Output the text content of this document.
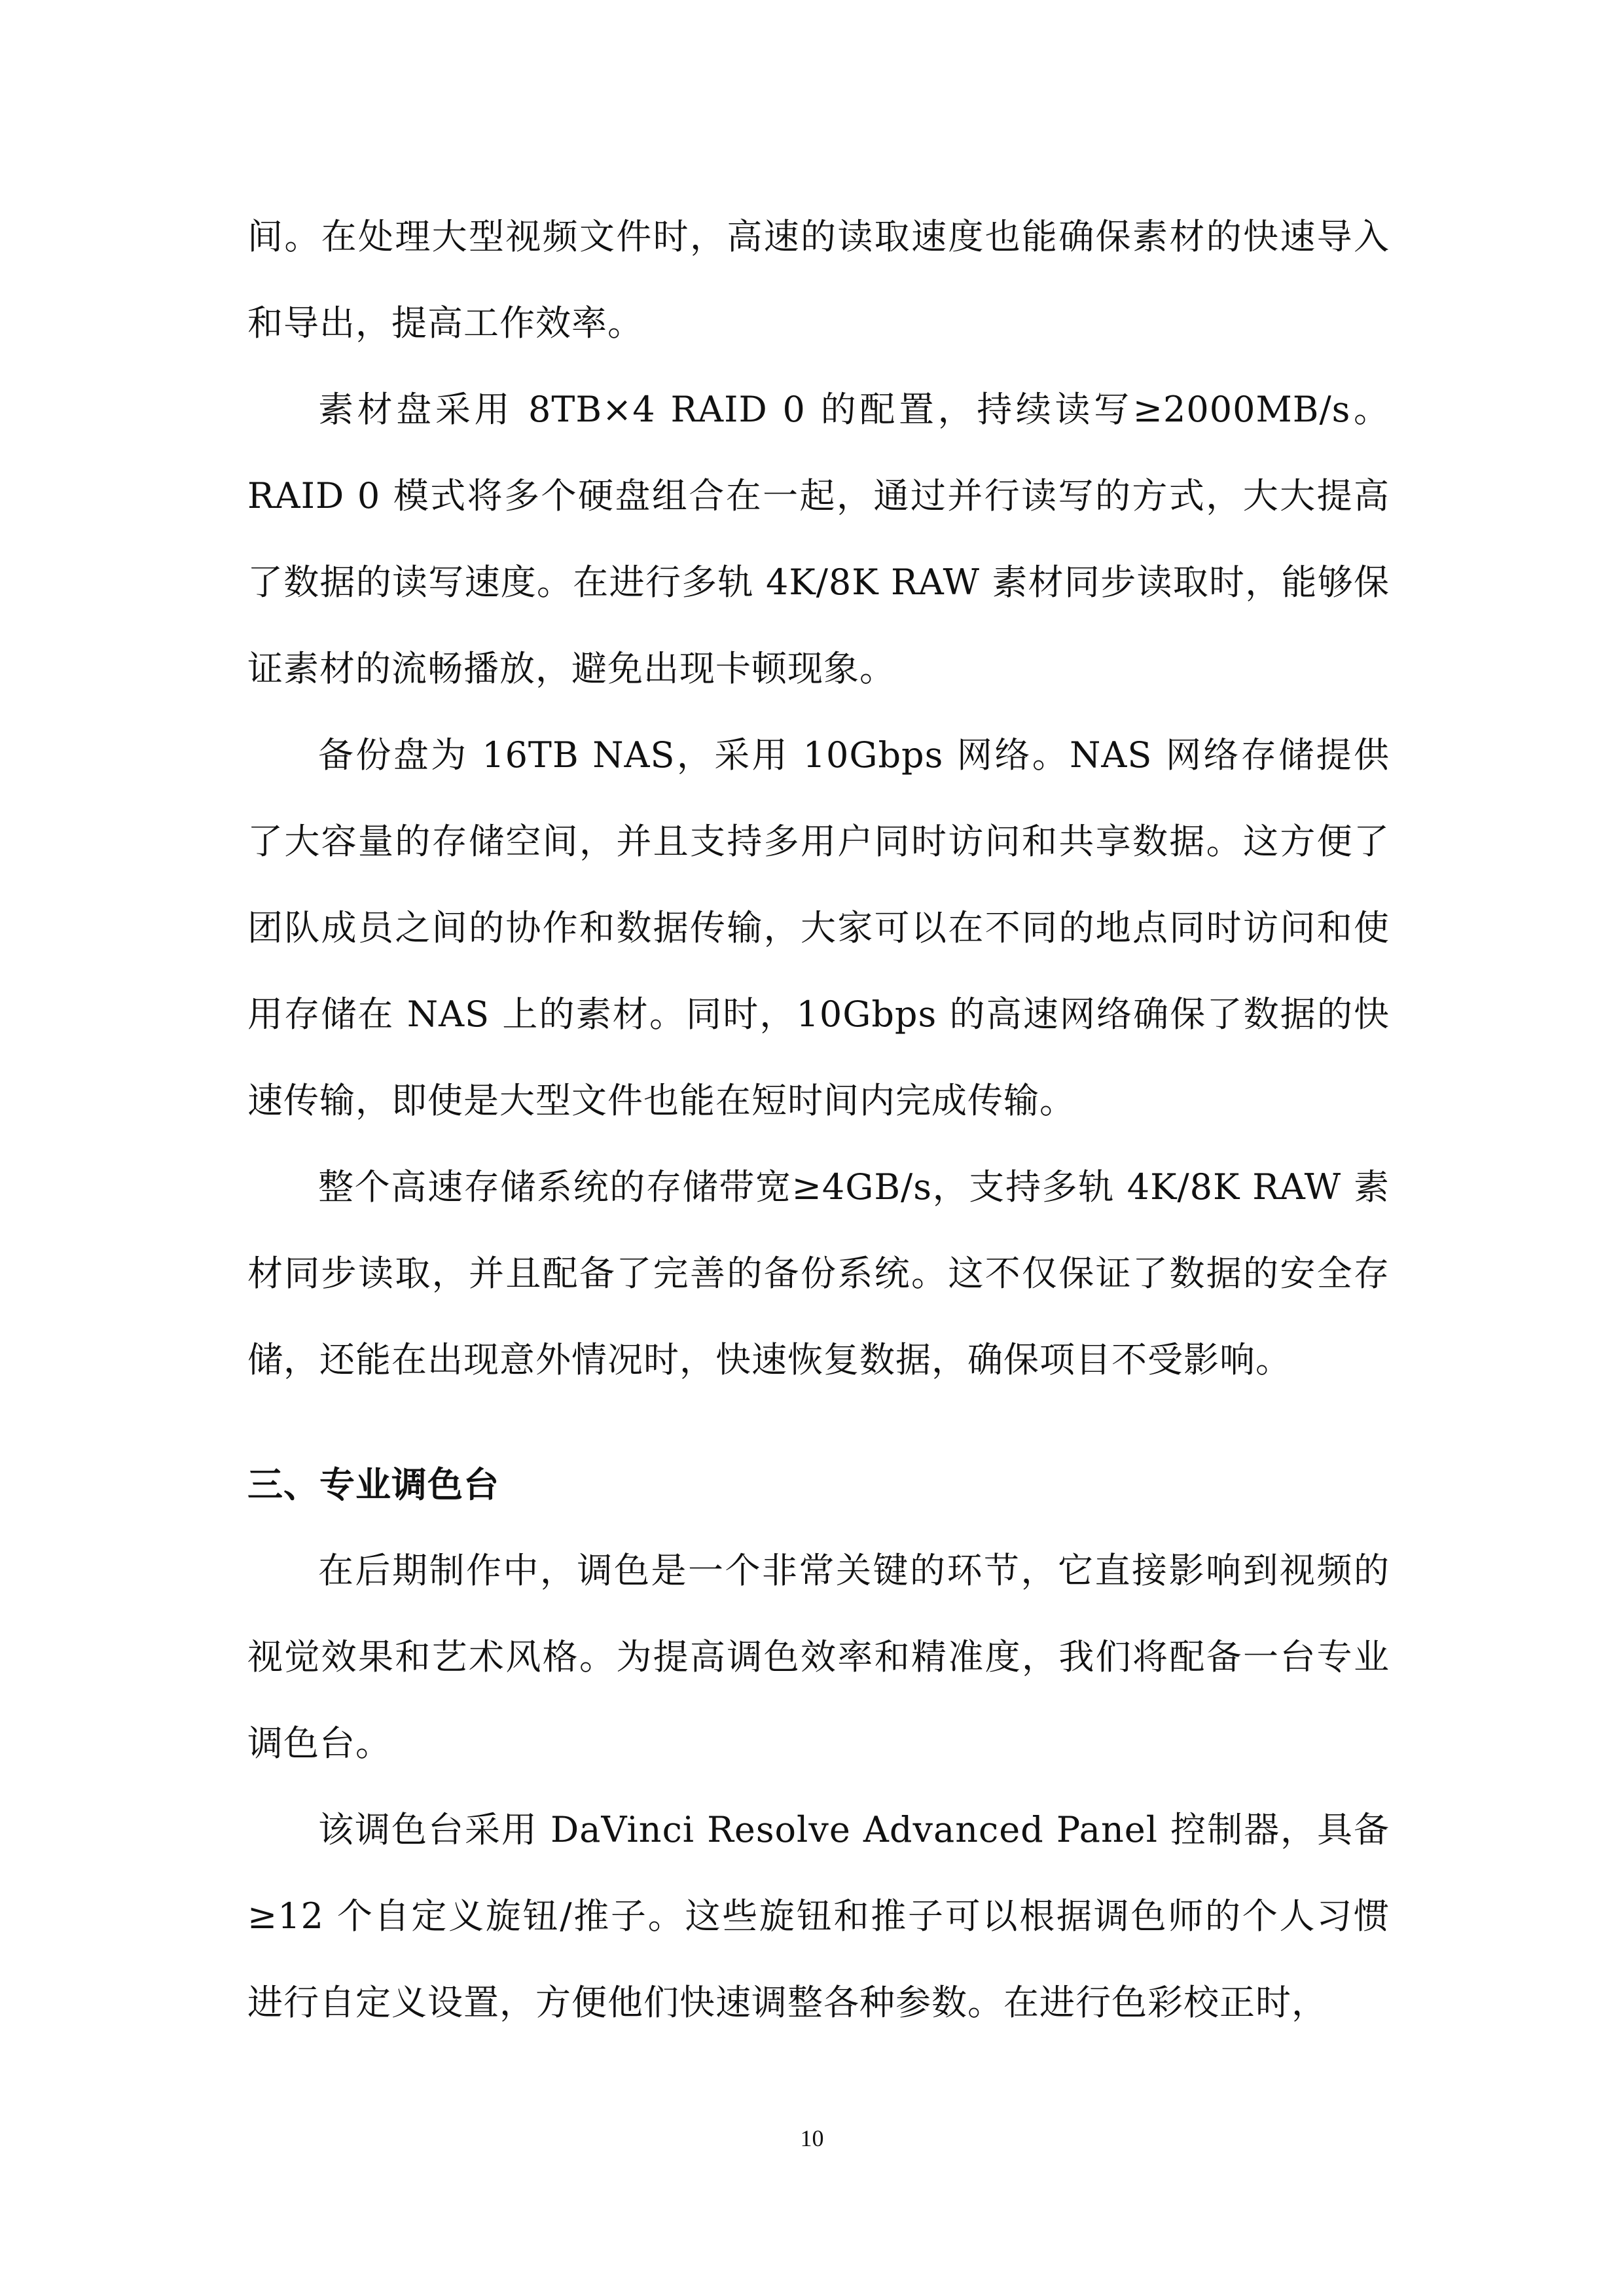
间。在处理大型视频文件时，高速的读取速度也能确保素材的快速导入和导出，提高工作效率。

素材盘采用 8TB×4 RAID 0 的配置，持续读写≥2000MB/s。RAID 0 模式将多个硬盘组合在一起，通过并行读写的方式，大大提高了数据的读写速度。在进行多轨 4K/8K RAW 素材同步读取时，能够保证素材的流畅播放，避免出现卡顿现象。

备份盘为 16TB NAS，采用 10Gbps 网络。NAS 网络存储提供了大容量的存储空间，并且支持多用户同时访问和共享数据。这方便了团队成员之间的协作和数据传输，大家可以在不同的地点同时访问和使用存储在 NAS 上的素材。同时，10Gbps 的高速网络确保了数据的快速传输，即使是大型文件也能在短时间内完成传输。

整个高速存储系统的存储带宽≥4GB/s，支持多轨 4K/8K RAW 素材同步读取，并且配备了完善的备份系统。这不仅保证了数据的安全存储，还能在出现意外情况时，快速恢复数据，确保项目不受影响。

三、专业调色台

在后期制作中，调色是一个非常关键的环节，它直接影响到视频的视觉效果和艺术风格。为提高调色效率和精准度，我们将配备一台专业调色台。

该调色台采用 DaVinci Resolve Advanced Panel 控制器，具备≥12 个自定义旋钮/推子。这些旋钮和推子可以根据调色师的个人习惯进行自定义设置，方便他们快速调整各种参数。在进行色彩校正时，

10
